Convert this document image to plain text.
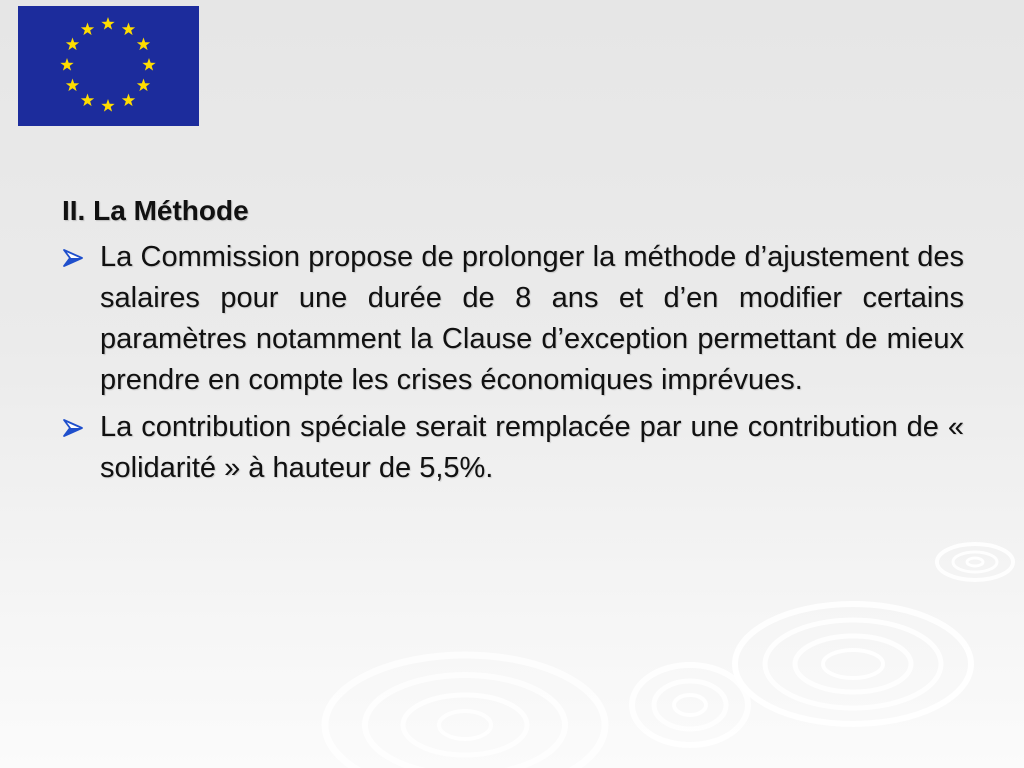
II. La Méthode
La Commission propose de prolonger la méthode d’ajustement des salaires pour une durée de 8 ans et d’en modifier certains paramètres notamment la Clause d’exception permettant de mieux prendre en compte les crises économiques imprévues.
La contribution spéciale serait remplacée par une contribution de « solidarité » à hauteur de 5,5%.
